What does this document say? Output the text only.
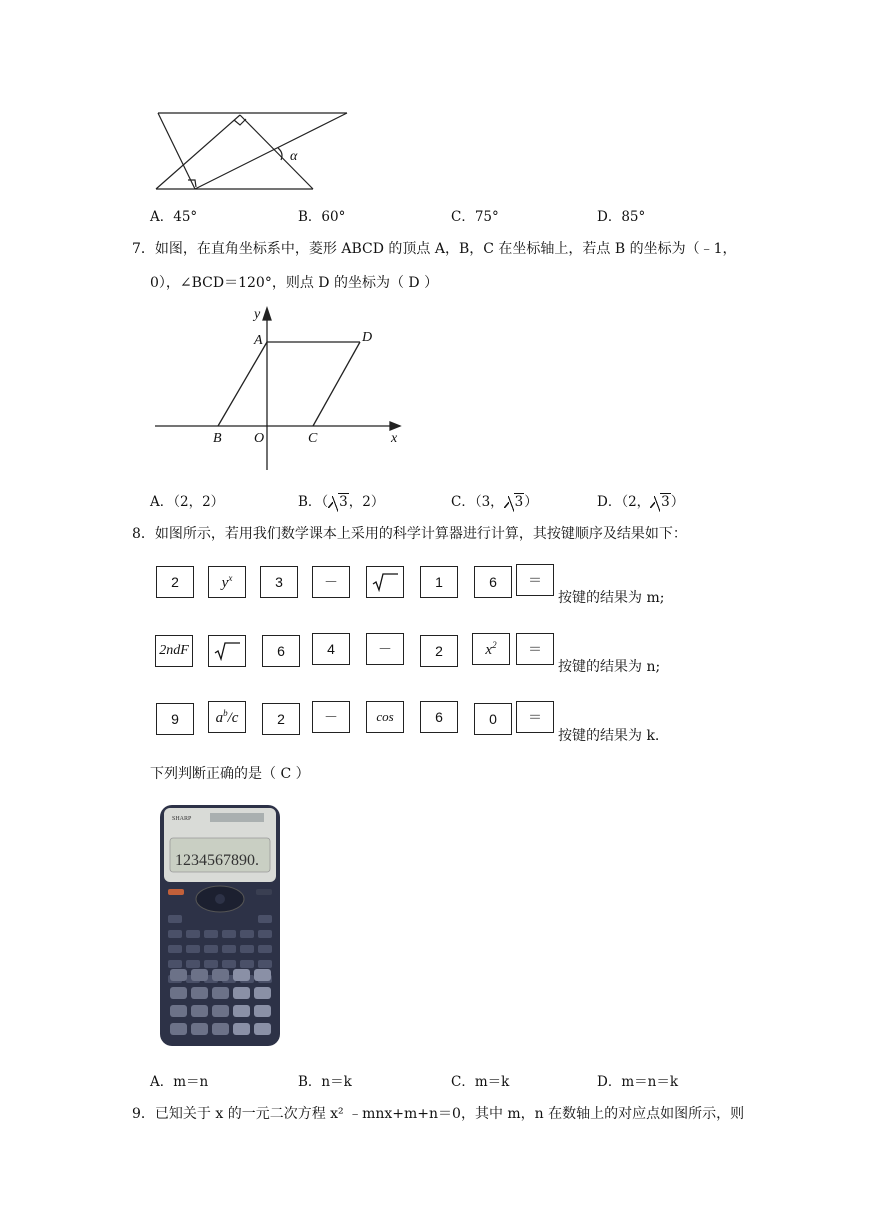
α
A．45°	B．60°	C．75°	D．85°
7．如图，在直角坐标系中，菱形 ABCD 的顶点 A，B，C 在坐标轴上，若点 B 的坐标为（﹣1，
0），∠BCD＝120°，则点 D 的坐标为（ D ）
y
A	D
B O	C	x
A．（2，2）	B．（ 3，2）	C．（3， 3）	D．（2， 3）
8．如图所示，若用我们数学课本上采用的科学计算器进行计算，其按键顺序及结果如下：
2	$y^x$	3	－	1	6	＝
按键的结果为 m;
2ndF	6	4	－	2	$x^2$	＝
按键的结果为 n;
9	$a^b/c$	2	－	cos	6	0	＝
按键的结果为 k.
下列判断正确的是（ C ）
SHARP
1234567890.
A．m＝n	B．n＝k	C．m＝k	D．m＝n＝k
9．已知关于 x 的一元二次方程 x² ﹣mnx+m+n＝0，其中 m，n 在数轴上的对应点如图所示，则
